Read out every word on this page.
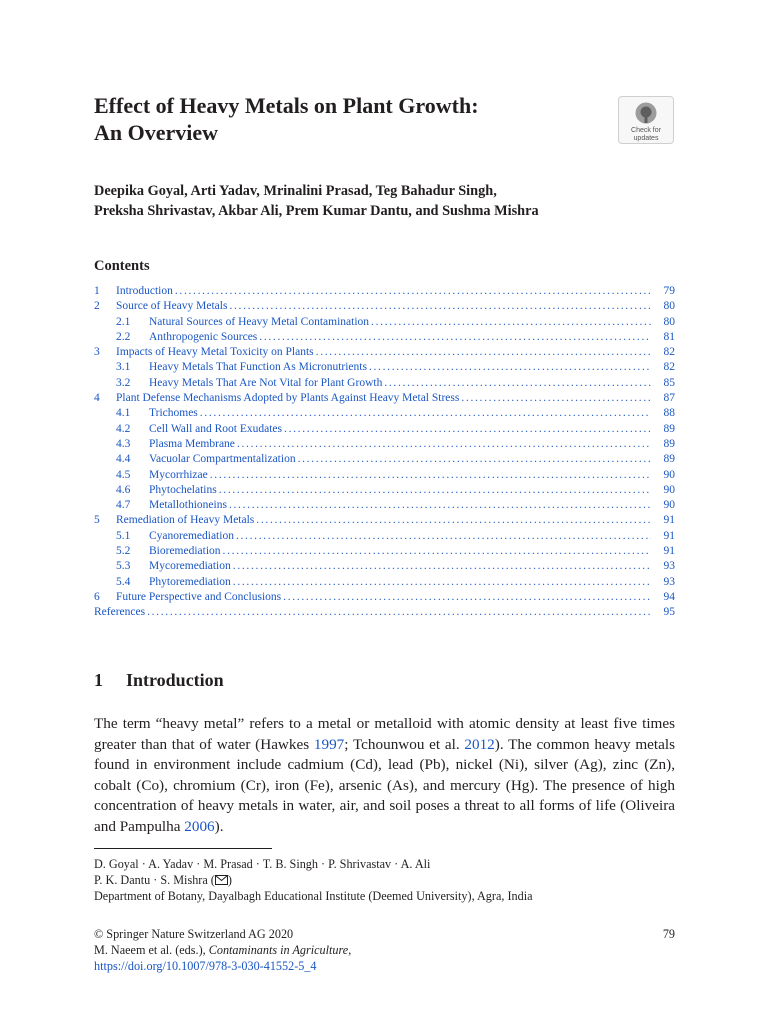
Effect of Heavy Metals on Plant Growth:
An Overview	Check for
updates

Deepika Goyal, Arti Yadav, Mrinalini Prasad, Teg Bahadur Singh,
Preksha Shrivastav, Akbar Ali, Prem Kumar Dantu, and Sushma Mishra

Contents
1	Introduction . . .	79
2	Source of Heavy Metals . . .	80
2.1	Natural Sources of Heavy Metal Contamination . . .	80
2.2	Anthropogenic Sources . . .	81
3	Impacts of Heavy Metal Toxicity on Plants . . .	82
3.1	Heavy Metals That Function As Micronutrients . . .	82
3.2	Heavy Metals That Are Not Vital for Plant Growth . . .	85
4	Plant Defense Mechanisms Adopted by Plants Against Heavy Metal Stress . . .	87
4.1	Trichomes . . .	88
4.2	Cell Wall and Root Exudates . . .	89
4.3	Plasma Membrane . . .	89
4.4	Vacuolar Compartmentalization . . .	89
4.5	Mycorrhizae . . .	90
4.6	Phytochelatins . . .	90
4.7	Metallothioneins . . .	90
5	Remediation of Heavy Metals . . .	91
5.1	Cyanoremediation . . .	91
5.2	Bioremediation . . .	91
5.3	Mycoremediation . . .	93
5.4	Phytoremediation . . .	93
6	Future Perspective and Conclusions . . .	94
References . . .	95
1 Introduction

The term “heavy metal” refers to a metal or metalloid with atomic density at least five times greater than that of water (Hawkes 1997; Tchounwou et al. 2012). The common heavy metals found in environment include cadmium (Cd), lead (Pb), nickel (Ni), silver (Ag), zinc (Zn), cobalt (Co), chromium (Cr), iron (Fe), arsenic (As), and mercury (Hg). The presence of high concentration of heavy metals in water, air, and soil poses a threat to all forms of life (Oliveira and Pampulha 2006).

D. Goyal · A. Yadav · M. Prasad · T. B. Singh · P. Shrivastav · A. Ali
P. K. Dantu · S. Mishra ( )
Department of Botany, Dayalbagh Educational Institute (Deemed University), Agra, India
© Springer Nature Switzerland AG 2020	79
M. Naeem et al. (eds.), Contaminants in Agriculture,
https://doi.org/10.1007/978-3-030-41552-5_4
